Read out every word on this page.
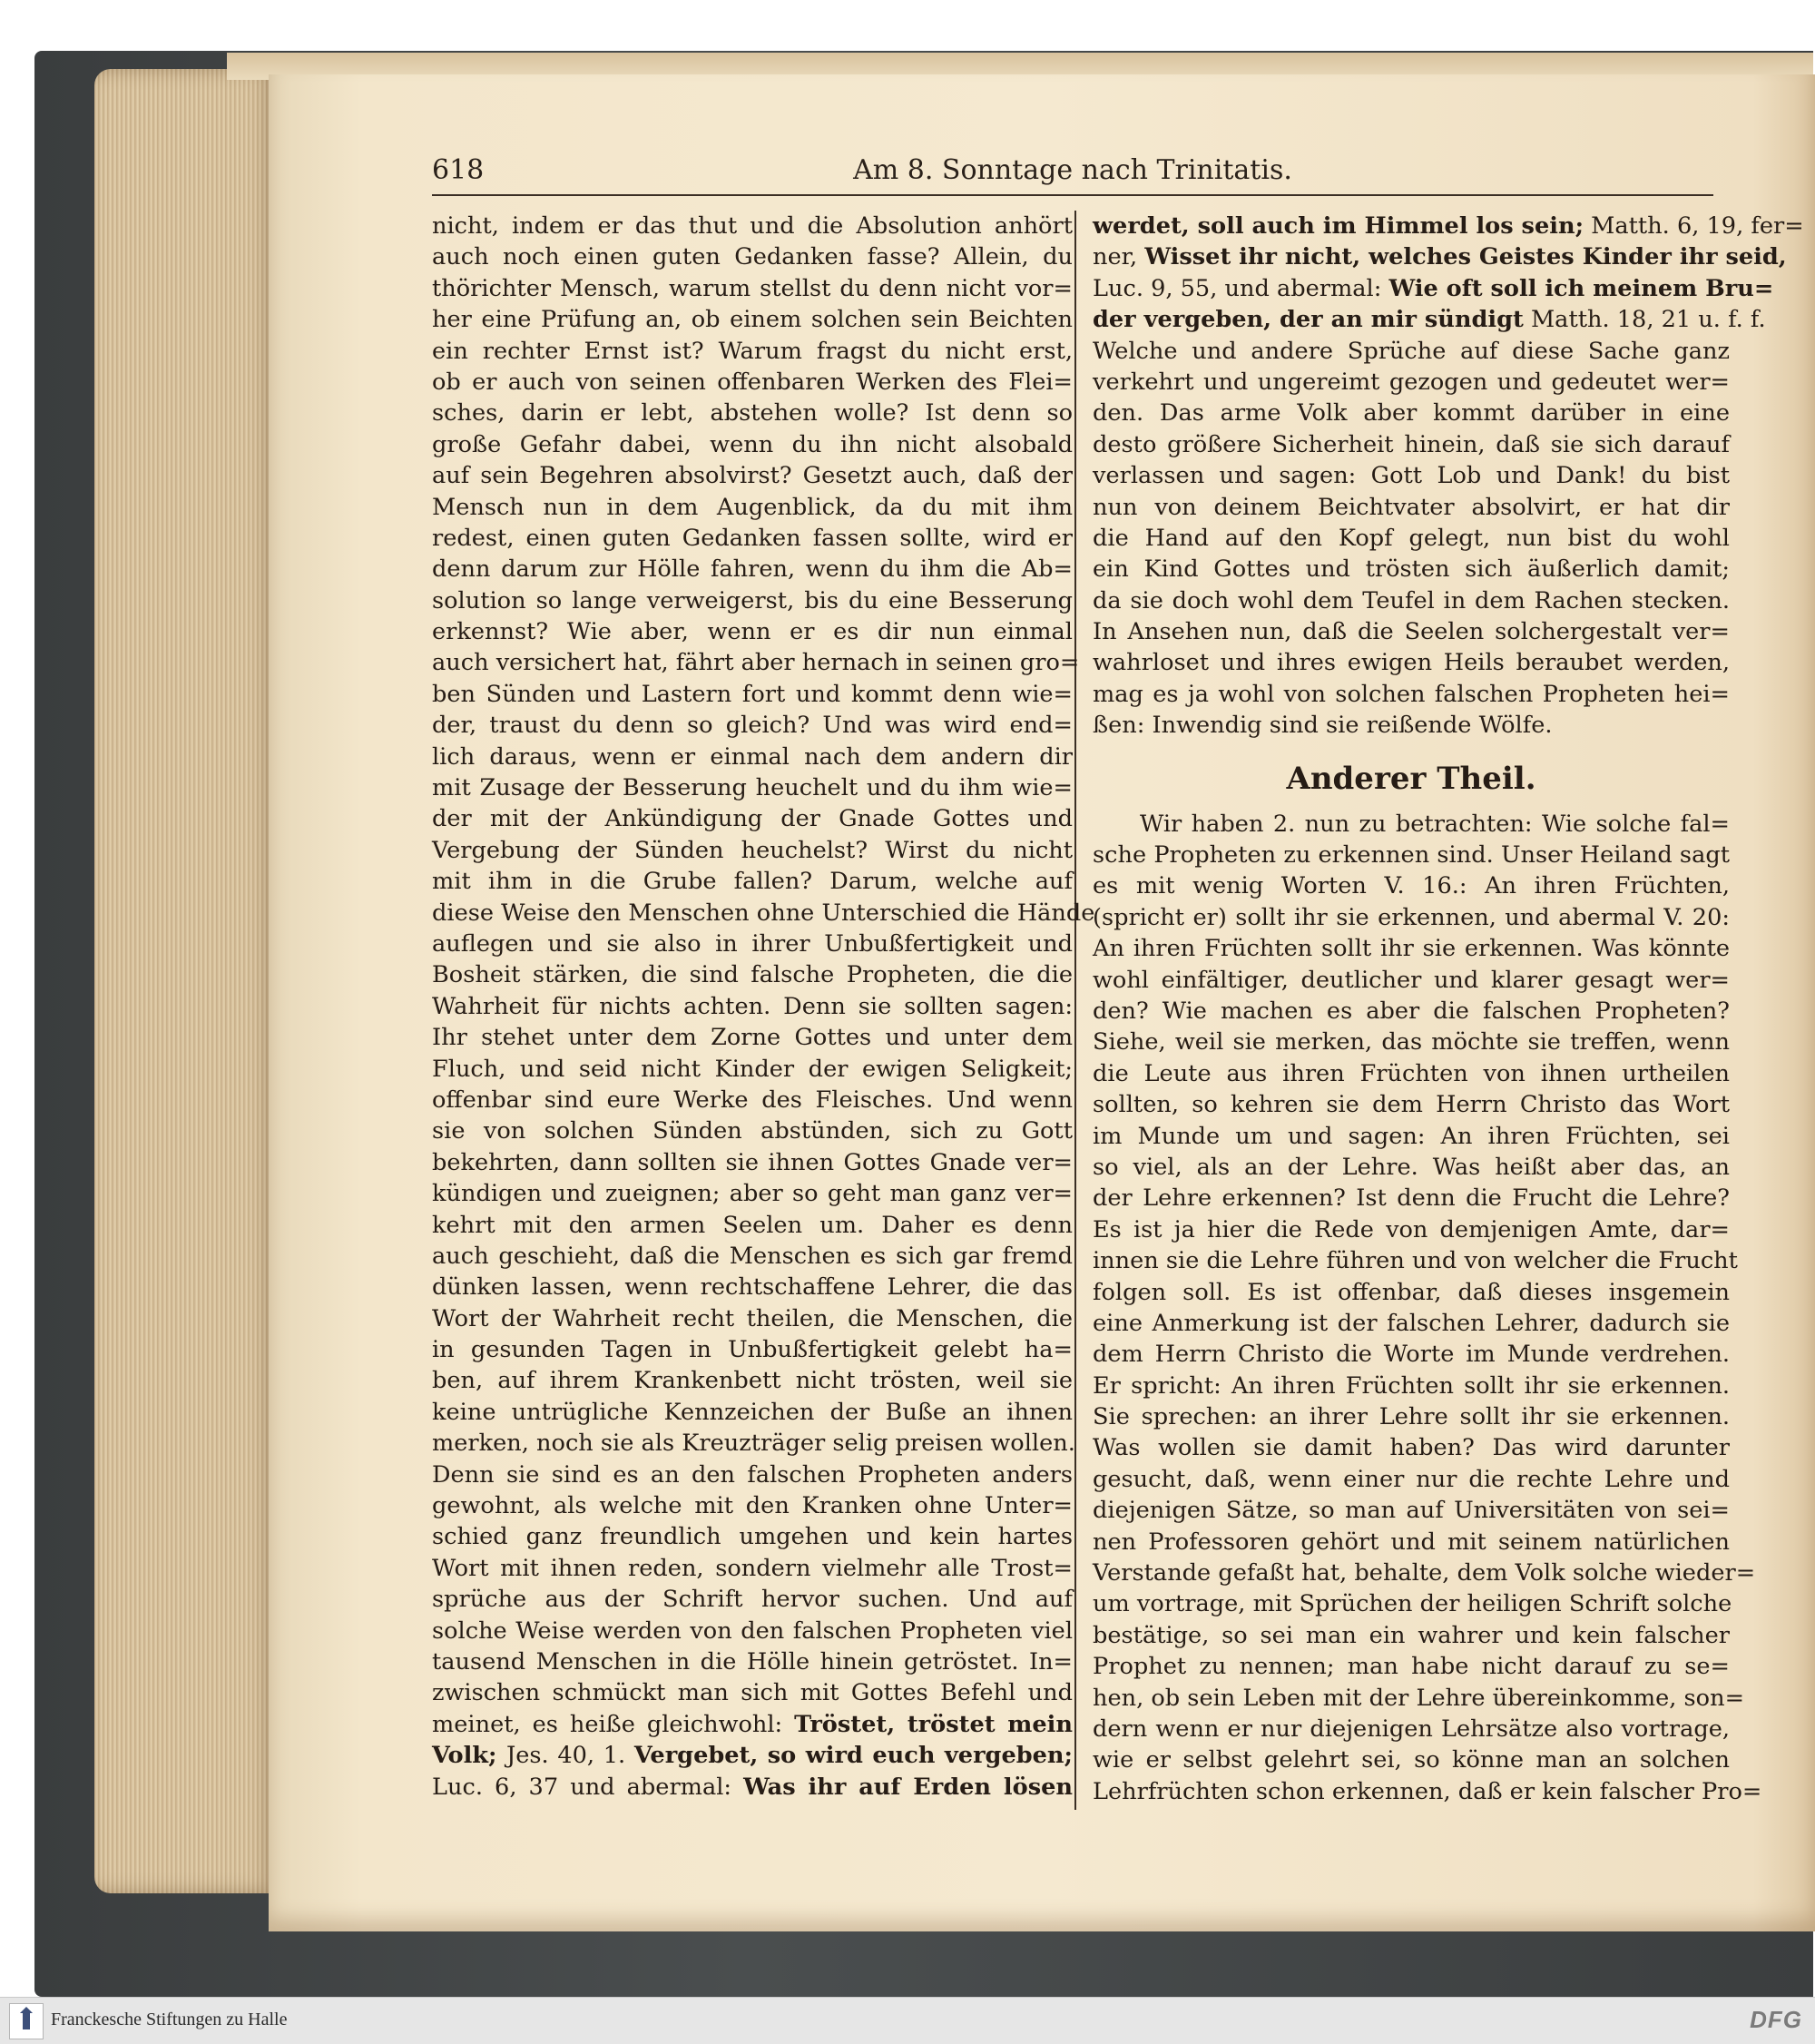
618	Am 8. Sonntage nach Trinitatis.
nicht, indem er das thut und die Absolution anhört
auch noch einen guten Gedanken fasse? Allein, du
thörichter Mensch, warum stellst du denn nicht vor=
her eine Prüfung an, ob einem solchen sein Beichten
ein rechter Ernst ist? Warum fragst du nicht erst,
ob er auch von seinen offenbaren Werken des Flei=
sches, darin er lebt, abstehen wolle? Ist denn so
große Gefahr dabei, wenn du ihn nicht alsobald
auf sein Begehren absolvirst? Gesetzt auch, daß der
Mensch nun in dem Augenblick, da du mit ihm
redest, einen guten Gedanken fassen sollte, wird er
denn darum zur Hölle fahren, wenn du ihm die Ab=
solution so lange verweigerst, bis du eine Besserung
erkennst? Wie aber, wenn er es dir nun einmal
auch versichert hat, fährt aber hernach in seinen gro=
ben Sünden und Lastern fort und kommt denn wie=
der, traust du denn so gleich? Und was wird end=
lich daraus, wenn er einmal nach dem andern dir
mit Zusage der Besserung heuchelt und du ihm wie=
der mit der Ankündigung der Gnade Gottes und
Vergebung der Sünden heuchelst? Wirst du nicht
mit ihm in die Grube fallen? Darum, welche auf
diese Weise den Menschen ohne Unterschied die Hände
auflegen und sie also in ihrer Unbußfertigkeit und
Bosheit stärken, die sind falsche Propheten, die die
Wahrheit für nichts achten. Denn sie sollten sagen:
Ihr stehet unter dem Zorne Gottes und unter dem
Fluch, und seid nicht Kinder der ewigen Seligkeit;
offenbar sind eure Werke des Fleisches. Und wenn
sie von solchen Sünden abstünden, sich zu Gott
bekehrten, dann sollten sie ihnen Gottes Gnade ver=
kündigen und zueignen; aber so geht man ganz ver=
kehrt mit den armen Seelen um. Daher es denn
auch geschieht, daß die Menschen es sich gar fremd
dünken lassen, wenn rechtschaffene Lehrer, die das
Wort der Wahrheit recht theilen, die Menschen, die
in gesunden Tagen in Unbußfertigkeit gelebt ha=
ben, auf ihrem Krankenbett nicht trösten, weil sie
keine untrügliche Kennzeichen der Buße an ihnen
merken, noch sie als Kreuzträger selig preisen wollen.
Denn sie sind es an den falschen Propheten anders
gewohnt, als welche mit den Kranken ohne Unter=
schied ganz freundlich umgehen und kein hartes
Wort mit ihnen reden, sondern vielmehr alle Trost=
sprüche aus der Schrift hervor suchen. Und auf
solche Weise werden von den falschen Propheten viel
tausend Menschen in die Hölle hinein getröstet. In=
zwischen schmückt man sich mit Gottes Befehl und
meinet, es heiße gleichwohl: Tröstet, tröstet mein
Volk; Jes. 40, 1. Vergebet, so wird euch vergeben;
Luc. 6, 37 und abermal: Was ihr auf Erden lösen
werdet, soll auch im Himmel los sein; Matth. 6, 19, fer=
ner, Wisset ihr nicht, welches Geistes Kinder ihr seid,
Luc. 9, 55, und abermal: Wie oft soll ich meinem Bru=
der vergeben, der an mir sündigt Matth. 18, 21 u. f. f.
Welche und andere Sprüche auf diese Sache ganz
verkehrt und ungereimt gezogen und gedeutet wer=
den. Das arme Volk aber kommt darüber in eine
desto größere Sicherheit hinein, daß sie sich darauf
verlassen und sagen: Gott Lob und Dank! du bist
nun von deinem Beichtvater absolvirt, er hat dir
die Hand auf den Kopf gelegt, nun bist du wohl
ein Kind Gottes und trösten sich äußerlich damit;
da sie doch wohl dem Teufel in dem Rachen stecken.
In Ansehen nun, daß die Seelen solchergestalt ver=
wahrloset und ihres ewigen Heils beraubet werden,
mag es ja wohl von solchen falschen Propheten hei=
ßen: Inwendig sind sie reißende Wölfe.
Anderer Theil.
Wir haben 2. nun zu betrachten: Wie solche fal=
sche Propheten zu erkennen sind. Unser Heiland sagt
es mit wenig Worten V. 16.: An ihren Früchten,
(spricht er) sollt ihr sie erkennen, und abermal V. 20:
An ihren Früchten sollt ihr sie erkennen. Was könnte
wohl einfältiger, deutlicher und klarer gesagt wer=
den? Wie machen es aber die falschen Propheten?
Siehe, weil sie merken, das möchte sie treffen, wenn
die Leute aus ihren Früchten von ihnen urtheilen
sollten, so kehren sie dem Herrn Christo das Wort
im Munde um und sagen: An ihren Früchten, sei
so viel, als an der Lehre. Was heißt aber das, an
der Lehre erkennen? Ist denn die Frucht die Lehre?
Es ist ja hier die Rede von demjenigen Amte, dar=
innen sie die Lehre führen und von welcher die Frucht
folgen soll. Es ist offenbar, daß dieses insgemein
eine Anmerkung ist der falschen Lehrer, dadurch sie
dem Herrn Christo die Worte im Munde verdrehen.
Er spricht: An ihren Früchten sollt ihr sie erkennen.
Sie sprechen: an ihrer Lehre sollt ihr sie erkennen.
Was wollen sie damit haben? Das wird darunter
gesucht, daß, wenn einer nur die rechte Lehre und
diejenigen Sätze, so man auf Universitäten von sei=
nen Professoren gehört und mit seinem natürlichen
Verstande gefaßt hat, behalte, dem Volk solche wieder=
um vortrage, mit Sprüchen der heiligen Schrift solche
bestätige, so sei man ein wahrer und kein falscher
Prophet zu nennen; man habe nicht darauf zu se=
hen, ob sein Leben mit der Lehre übereinkomme, son=
dern wenn er nur diejenigen Lehrsätze also vortrage,
wie er selbst gelehrt sei, so könne man an solchen
Lehrfrüchten schon erkennen, daß er kein falscher Pro=
Franckesche Stiftungen zu Halle	DFG
